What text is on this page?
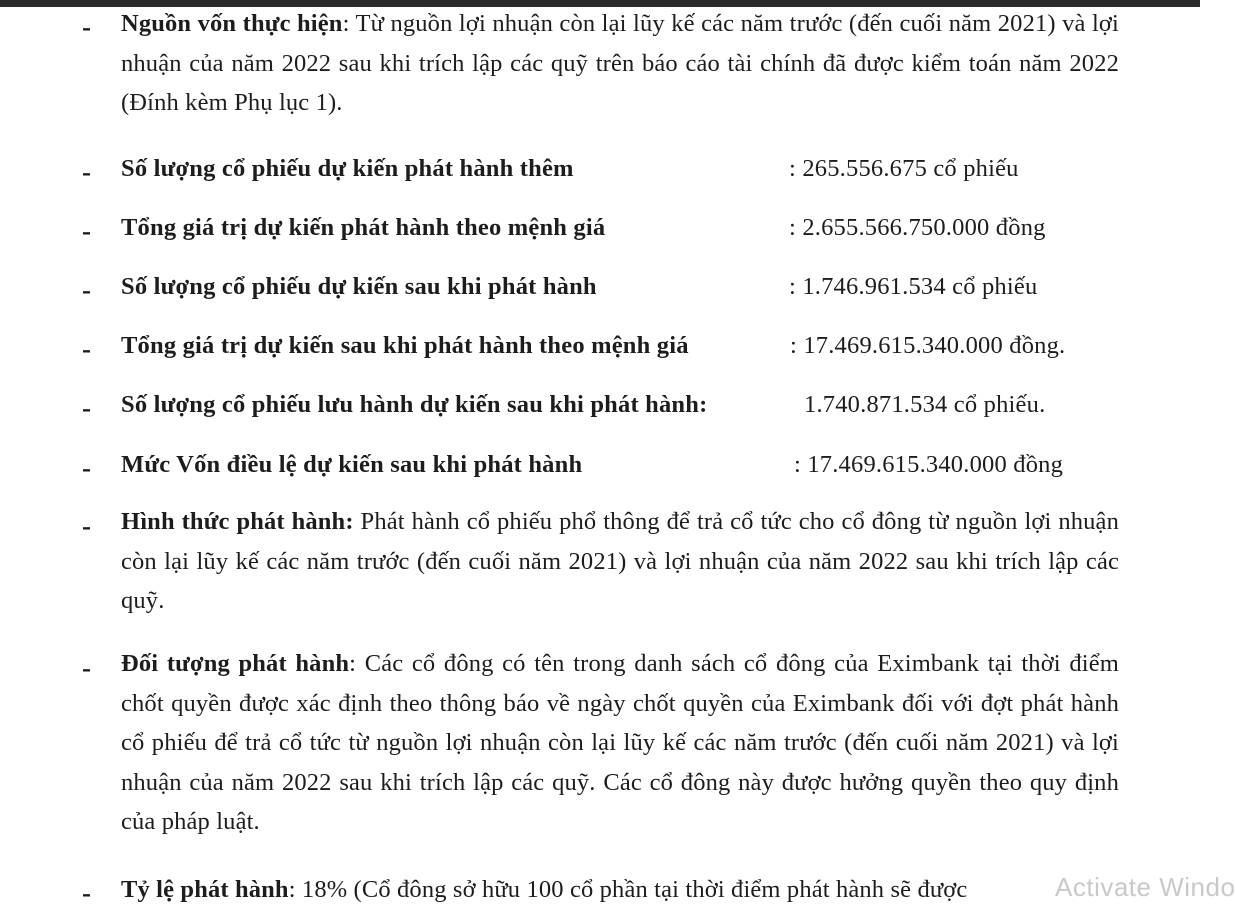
- Nguồn vốn thực hiện: Từ nguồn lợi nhuận còn lại lũy kế các năm trước (đến cuối năm 2021) và lợi nhuận của năm 2022 sau khi trích lập các quỹ trên báo cáo tài chính đã được kiểm toán năm 2022 (Đính kèm Phụ lục 1).
- Số lượng cổ phiếu dự kiến phát hành thêm	: 265.556.675 cổ phiếu
- Tổng giá trị dự kiến phát hành theo mệnh giá	: 2.655.566.750.000 đồng
- Số lượng cổ phiếu dự kiến sau khi phát hành	: 1.746.961.534 cổ phiếu
- Tổng giá trị dự kiến sau khi phát hành theo mệnh giá	: 17.469.615.340.000 đồng.
- Số lượng cổ phiếu lưu hành dự kiến sau khi phát hành:	1.740.871.534 cổ phiếu.
- Mức Vốn điều lệ dự kiến sau khi phát hành	: 17.469.615.340.000 đồng
- Hình thức phát hành: Phát hành cổ phiếu phổ thông để trả cổ tức cho cổ đông từ nguồn lợi nhuận còn lại lũy kế các năm trước (đến cuối năm 2021) và lợi nhuận của năm 2022 sau khi trích lập các quỹ.
- Đối tượng phát hành: Các cổ đông có tên trong danh sách cổ đông của Eximbank tại thời điểm chốt quyền được xác định theo thông báo về ngày chốt quyền của Eximbank đối với đợt phát hành cổ phiếu để trả cổ tức từ nguồn lợi nhuận còn lại lũy kế các năm trước (đến cuối năm 2021) và lợi nhuận của năm 2022 sau khi trích lập các quỹ. Các cổ đông này được hưởng quyền theo quy định của pháp luật.
- Tỷ lệ phát hành: 18% (Cổ đông sở hữu 100 cổ phần tại thời điểm phát hành sẽ được	Activate Windo
